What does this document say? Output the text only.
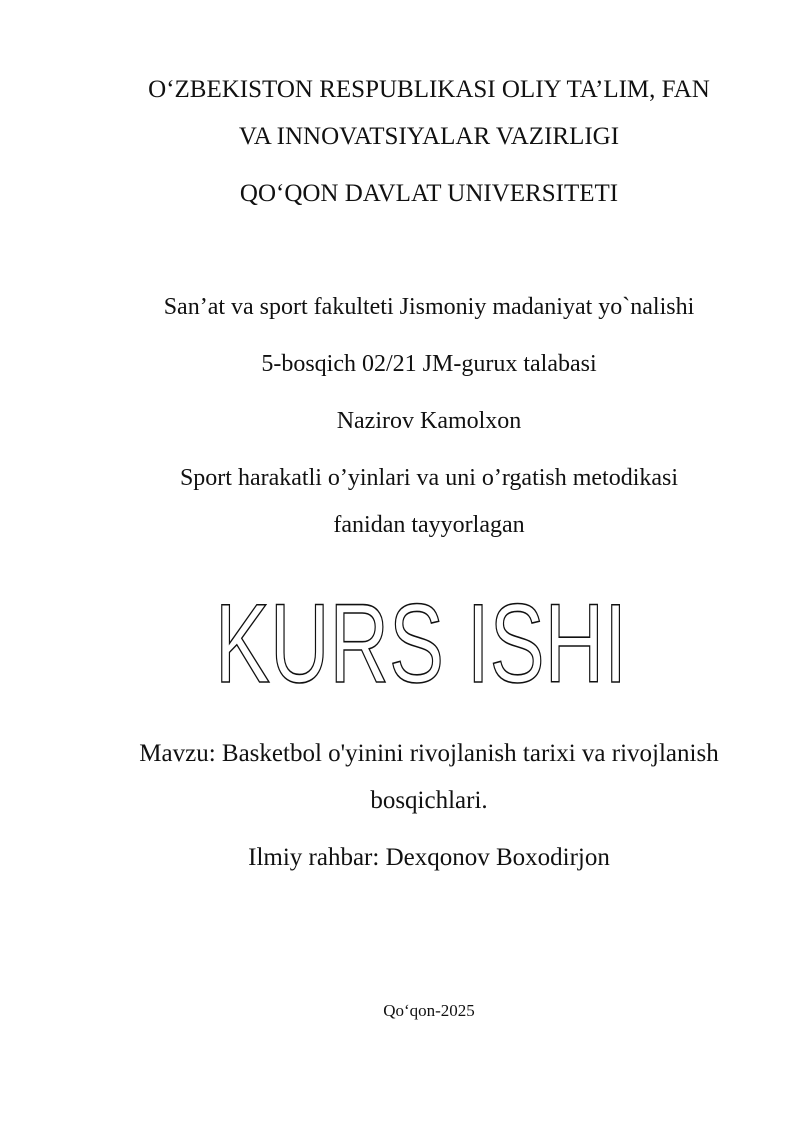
O‘ZBEKISTON RESPUBLIKASI OLIY TA’LIM, FAN
VA INNOVATSIYALAR VAZIRLIGI
QO‘QON DAVLAT UNIVERSITETI
San’at va sport fakulteti Jismoniy madaniyat yo`nalishi
5-bosqich 02/21 JM-gurux talabasi
Nazirov Kamolxon
Sport harakatli o’yinlari va uni o’rgatish metodikasi
fanidan tayyorlagan
KURS ISHI
Mavzu: Basketbol o'yinini rivojlanish tarixi va rivojlanish
bosqichlari.
Ilmiy rahbar: Dexqonov Boxodirjon
Qo‘qon-2025
